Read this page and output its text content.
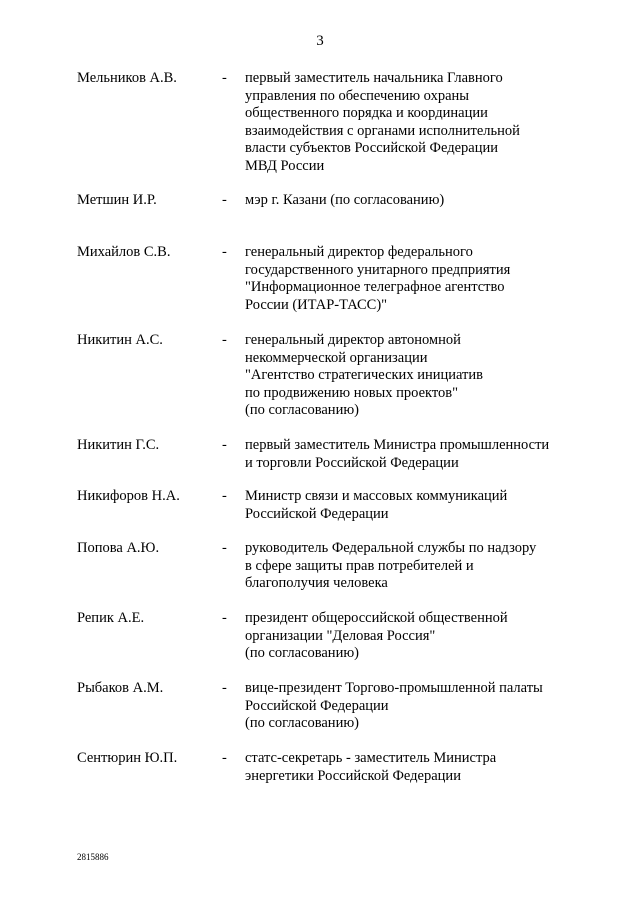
3
Мельников А.В.	- первый заместитель начальника Главного
управления по обеспечению охраны
общественного порядка и координации
взаимодействия с органами исполнительной
власти субъектов Российской Федерации
МВД России
Метшин И.Р.	- мэр г. Казани (по согласованию)
Михайлов С.В.	- генеральный директор федерального
государственного унитарного предприятия
"Информационное телеграфное агентство
России (ИТАР-ТАСС)"
Никитин А.С.	- генеральный директор автономной
некоммерческой организации
"Агентство стратегических инициатив
по продвижению новых проектов"
(по согласованию)
Никитин Г.С.	- первый заместитель Министра промышленности
и торговли Российской Федерации
Никифоров Н.А.	- Министр связи и массовых коммуникаций
Российской Федерации
Попова А.Ю.	- руководитель Федеральной службы по надзору
в сфере защиты прав потребителей и
благополучия человека
Репик А.Е.	- президент общероссийской общественной
организации "Деловая Россия"
(по согласованию)
Рыбаков А.М.	- вице-президент Торгово-промышленной палаты
Российской Федерации
(по согласованию)
Сентюрин Ю.П.	- статс-секретарь - заместитель Министра
энергетики Российской Федерации
2815886
